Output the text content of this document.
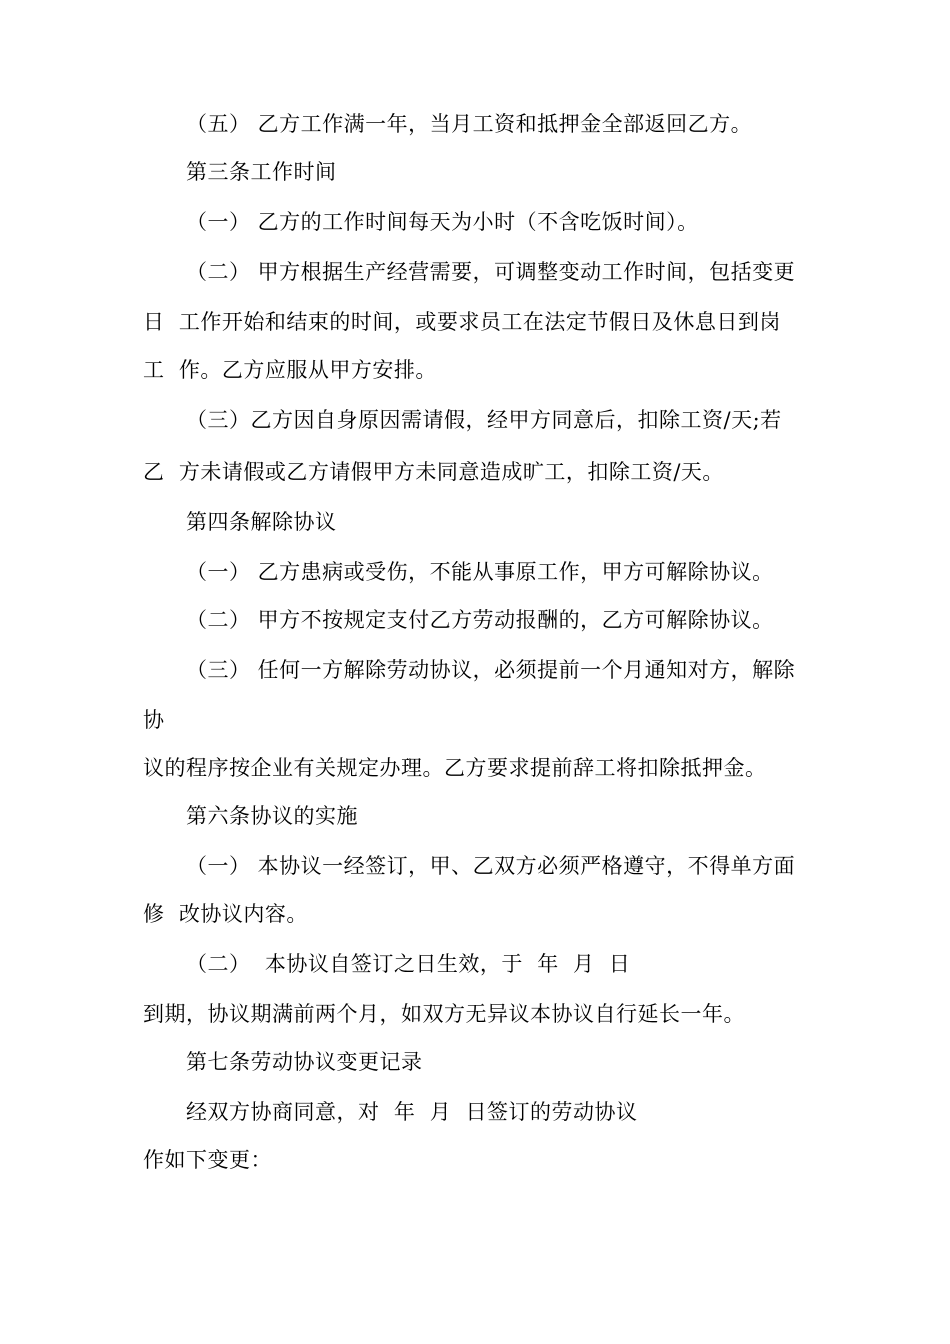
（五） 乙方工作满一年，当月工资和抵押金全部返回乙方。
第三条工作时间
（一） 乙方的工作时间每天为小时（不含吃饭时间）。
（二） 甲方根据生产经营需要，可调整变动工作时间，包括变更
日  工作开始和结束的时间，或要求员工在法定节假日及休息日到岗
工  作。乙方应服从甲方安排。
（三）乙方因自身原因需请假，经甲方同意后，扣除工资/天;若
乙  方未请假或乙方请假甲方未同意造成旷工，扣除工资/天。
第四条解除协议
（一） 乙方患病或受伤，不能从事原工作，甲方可解除协议。
（二） 甲方不按规定支付乙方劳动报酬的，乙方可解除协议。
（三） 任何一方解除劳动协议，必须提前一个月通知对方，解除
协
议的程序按企业有关规定办理。乙方要求提前辞工将扣除抵押金。
第六条协议的实施
（一） 本协议一经签订，甲、乙双方必须严格遵守，不得单方面
修  改协议内容。
（二）  本协议自签订之日生效，于  年  月  日
到期，协议期满前两个月，如双方无异议本协议自行延长一年。
第七条劳动协议变更记录
经双方协商同意，对  年  月  日签订的劳动协议
作如下变更：
